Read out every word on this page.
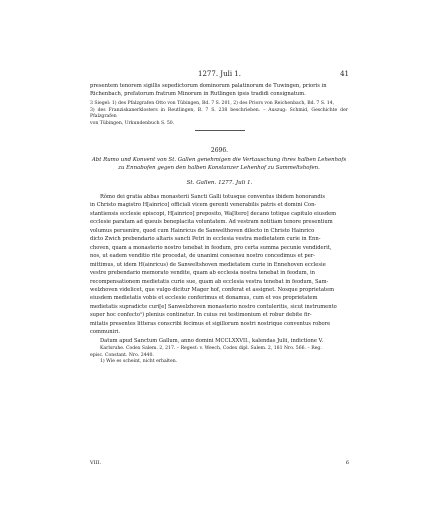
1277. Juli 1.	41

presentem tenorem sigillis sepedictorum dominorum palatinorum de Tuwingen, prioris in

Richenbach, prefatorum fratrum Minorum in Rutlingen ipsis tradidi consignatum.

3 Siegel: 1) des Pfalzgrafen Otto von Tübingen, Bd. 7 S. 201, 2) des Priors von Reichenbach, Bd. 7 S. 14,

3) des Franziskanerklosters in Reutlingen, B. 7 S. 238 beschrieben. – Auszug: Schmid, Geschichte der Pfalzgrafen

von Tübingen, Urkundenbuch S. 50.

2696.
Abt Rumo und Konvent von St. Gallen genehmigen die Vertauschung ihres halben Lehenhofs
zu Ennabofen gegen den halben Konstanzer Lehenhof zu Sammeltshofen.
St. Gallen. 1277. Juli 1.

Rŏmo dei gratia abbas monasterii Sancti Galli totusque conventus ibidem honorandis

in Christo magistro H[ainrico] officiali vicem gerenti venerabilis patris et domini Con-

stantiensis ecclesie episcopi, H[ainrico] preposito, Wa[ltero] decano totique capitulo eiusdem

ecclesie paratam ad queuis beneplacita voluntatem. Ad vestram notitiam tenore presentium

volumus peruenire, quod cum Hainricus de Sanwelthoven dilecto in Christo Hainrico

dicto Zwich prebendario altaris sancti Petri in ecclesia vestra medietatem curie in Enn-

choven, quam a monasterio nostro tenebat in feodum, pro certa summa pecunie vendiderit,

nos, ut eadem venditio rite procedat, de unanimi consensu nostro concedimus et per-

mittimus, ut idem H(ainricus) de Sanweltshoven medietatem curie in Ennehoven ecclesie

vestre prebendario memorato vendite, quam ab ecclesia nostra tenebat in feodum, in

recompensationem medietatis curie sue, quam ab ecclesia vestra tenebat in feodum, Sam-

welzhoven videlicet, que vulgo dicitur Mager hof, conferat et assignet. Nosque proprietatem

eiusdem medietatis vobis et ecclesie conferimus et donamus, cum et vos proprietatem

medietatis supradicte curi[e] Sanwelzhoven monasterio nostro contuleritis, sicut instrumento

super hoc confecto¹) plenius continetur. In cuius rei testimonium et robur debite fir-

mitatis presentes litteras conscribi fecimus et sigillorum nostri nostrique conventus robore

communiri.

Datum apud Sanctum Gallum, anno domini MCCLXXVII., kalendas Julii, indictione V.

Karlsruhe. Codex Salem. 2, 217. – Regest: v. Weech, Codex dipl. Salem. 2, 181 Nro. 566. – Reg.

episc. Constant. Nro. 2440.

1) Wie es scheint, nicht erhalten.

VIII.	6
